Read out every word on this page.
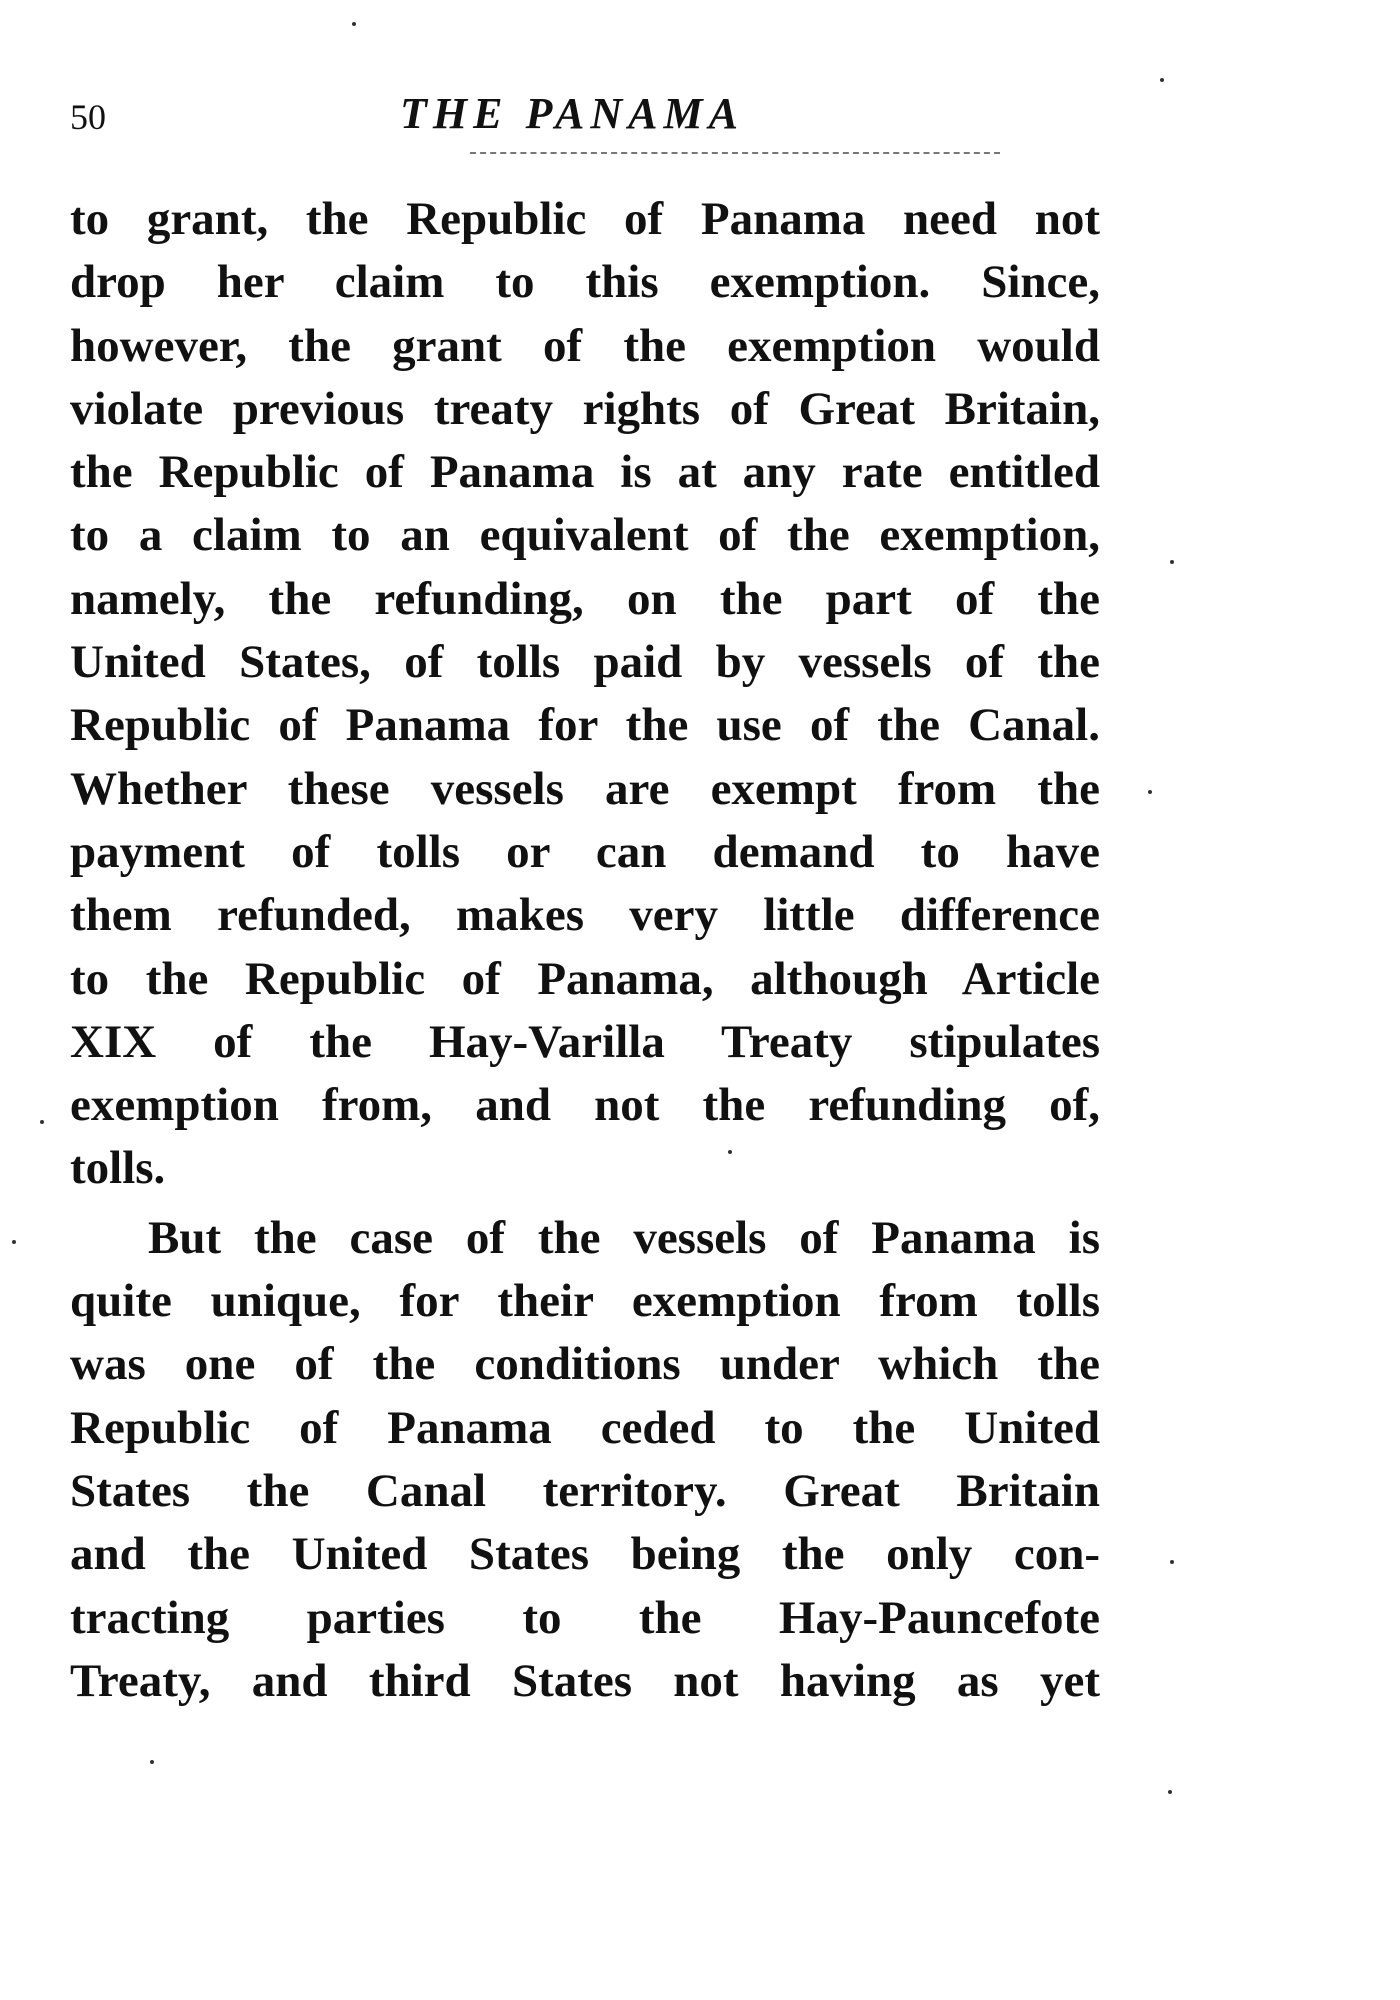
50	THE PANAMA
to grant, the Republic of Panama need not
drop her claim to this exemption. Since,
however, the grant of the exemption would
violate previous treaty rights of Great Britain,
the Republic of Panama is at any rate entitled
to a claim to an equivalent of the exemption,
namely, the refunding, on the part of the
United States, of tolls paid by vessels of the
Republic of Panama for the use of the Canal.
Whether these vessels are exempt from the
payment of tolls or can demand to have
them refunded, makes very little difference
to the Republic of Panama, although Article
XIX of the Hay-Varilla Treaty stipulates
exemption from, and not the refunding of,
tolls.
But the case of the vessels of Panama is
quite unique, for their exemption from tolls
was one of the conditions under which the
Republic of Panama ceded to the United
States the Canal territory. Great Britain
and the United States being the only con-
tracting parties to the Hay-Pauncefote
Treaty, and third States not having as yet
